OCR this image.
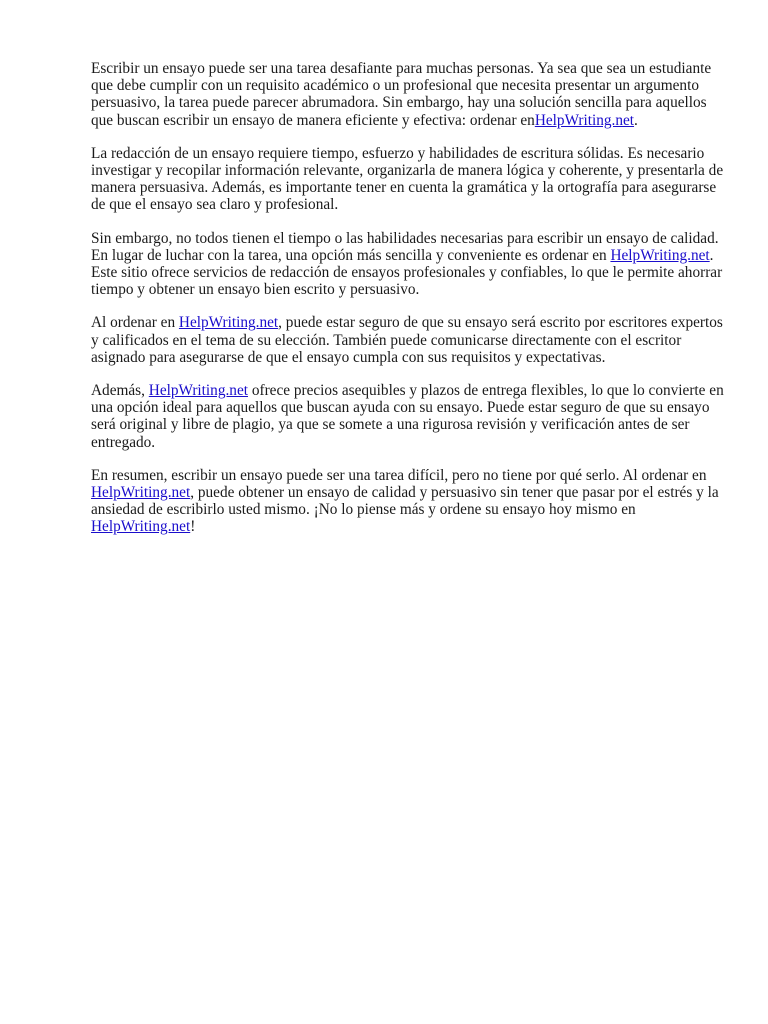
Escribir un ensayo puede ser una tarea desafiante para muchas personas. Ya sea que sea un estudiante que debe cumplir con un requisito académico o un profesional que necesita presentar un argumento persuasivo, la tarea puede parecer abrumadora. Sin embargo, hay una solución sencilla para aquellos que buscan escribir un ensayo de manera eficiente y efectiva: ordenar enHelpWriting.net.

La redacción de un ensayo requiere tiempo, esfuerzo y habilidades de escritura sólidas. Es necesario investigar y recopilar información relevante, organizarla de manera lógica y coherente, y presentarla de manera persuasiva. Además, es importante tener en cuenta la gramática y la ortografía para asegurarse de que el ensayo sea claro y profesional.

Sin embargo, no todos tienen el tiempo o las habilidades necesarias para escribir un ensayo de calidad. En lugar de luchar con la tarea, una opción más sencilla y conveniente es ordenar en HelpWriting.net. Este sitio ofrece servicios de redacción de ensayos profesionales y confiables, lo que le permite ahorrar tiempo y obtener un ensayo bien escrito y persuasivo.

Al ordenar en HelpWriting.net, puede estar seguro de que su ensayo será escrito por escritores expertos y calificados en el tema de su elección. También puede comunicarse directamente con el escritor asignado para asegurarse de que el ensayo cumpla con sus requisitos y expectativas.

Además, HelpWriting.net ofrece precios asequibles y plazos de entrega flexibles, lo que lo convierte en una opción ideal para aquellos que buscan ayuda con su ensayo. Puede estar seguro de que su ensayo será original y libre de plagio, ya que se somete a una rigurosa revisión y verificación antes de ser entregado.

En resumen, escribir un ensayo puede ser una tarea difícil, pero no tiene por qué serlo. Al ordenar en HelpWriting.net, puede obtener un ensayo de calidad y persuasivo sin tener que pasar por el estrés y la ansiedad de escribirlo usted mismo. ¡No lo piense más y ordene su ensayo hoy mismo en HelpWriting.net!
